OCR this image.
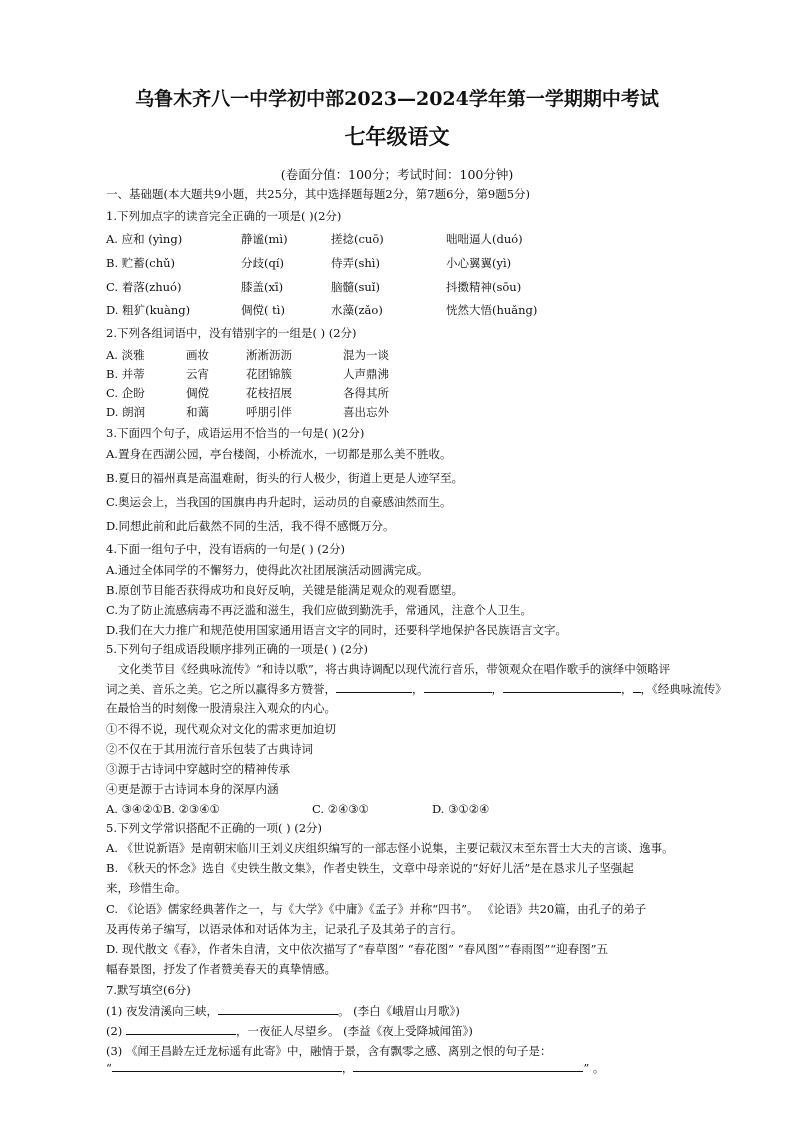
乌鲁木齐八一中学初中部2023—2024学年第一学期期中考试
七年级语文
(卷面分值：100分；考试时间：100分钟)
一、基础题(本大题共9小题，共25分，其中选择题每题2分，第7题6分，第9题5分)
1.下列加点字的读音完全正确的一项是( )(2分)
A. 应和 (yìng)	静谧(mì)	搓捻(cuō)	咄咄逼人(duó)
B. 贮蓄(chǔ)	分歧(qí)	侍弄(shì)	小心翼翼(yì)
C. 着落(zhuó)	膝盖(xī)	脑髓(suǐ)	抖擞精神(sōu)
D. 粗犷(kuàng)	倜傥( tì)	水藻(zǎo)	恍然大悟(huǎng)
2.下列各组词语中，没有错别字的一组是( ) (2分)
A. 淡雅	画妆	淅淅沥沥	混为一谈
B. 并蒂	云宵	花团锦簇	人声鼎沸
C. 企盼	倜傥	花枝招展	各得其所
D. 朗润	和蔼	呼朋引伴	喜出忘外
3.下面四个句子，成语运用不恰当的一句是( )(2分)
A.置身在西湖公园，亭台楼阁，小桥流水，一切都是那么美不胜收。
B.夏日的福州真是高温难耐，街头的行人极少，街道上更是人迹罕至。
C.奥运会上，当我国的国旗冉冉升起时，运动员的自豪感油然而生。
D.同想此前和此后截然不同的生活，我不得不感慨万分。
4.下面一组句子中，没有语病的一句是( ) (2分)
A.通过全体同学的不懈努力，使得此次社团展演活动圆满完成。
B.原创节目能否获得成功和良好反响，关键是能满足观众的观看愿望。
C.为了防止流感病毒不再泛滥和滋生，我们应做到勤洗手，常通风，注意个人卫生。
D.我们在大力推广和规范使用国家通用语言文字的同时，还要科学地保护各民族语言文字。
5.下列句子组成语段顺序排列正确的一项是( ) (2分)
文化类节目《经典咏流传》“和诗以歌”，将古典诗调配以现代流行音乐，带领观众在唱作歌手的演绎中领略评
词之美、音乐之美。它之所以赢得多方赞誉，	，	，	， ，《经典咏流传》
在最恰当的时刻像一股清泉注入观众的内心。
①不得不说，现代观众对文化的需求更加迫切
②不仅在于其用流行音乐包装了古典诗词
③源于古诗词中穿越时空的精神传承
④更是源于古诗词本身的深厚内涵
A. ③④②①B. ②③④①	C. ②④③①	D. ③①②④
5.下列文学常识搭配不正确的一项( ) (2分)
A. 《世说新语》是南朝宋临川王刘义庆组织编写的一部志怪小说集，主要记载汉末至东晋士大夫的言谈、逸事。
B. 《秋天的怀念》选自《史铁生散文集》，作者史铁生，文章中母亲说的“好好儿活”是在恳求儿子坚强起
来，珍惜生命。
C. 《论语》儒家经典著作之一，与《大学》《中庸》《孟子》并称“四书”。 《论语》共20篇，由孔子的弟子
及再传弟子编写，以语录体和对话体为主，记录孔子及其弟子的言行。
D. 现代散文《春》，作者朱自清，文中依次描写了“春草图” “春花图” “春风图”“春雨图”“迎春图”五
幅春景图，抒发了作者赞美春天的真挚情感。
7.默写填空(6分)
(1) 夜发清溪向三峡，	。 (李白《峨眉山月歌》)
(2)	，一夜征人尽望乡。 (李益《夜上受降城闻笛》)
(3) 《闻王昌龄左迁龙标遥有此寄》中，融情于景，含有飘零之感、离别之恨的句子是：
“	，	” 。
